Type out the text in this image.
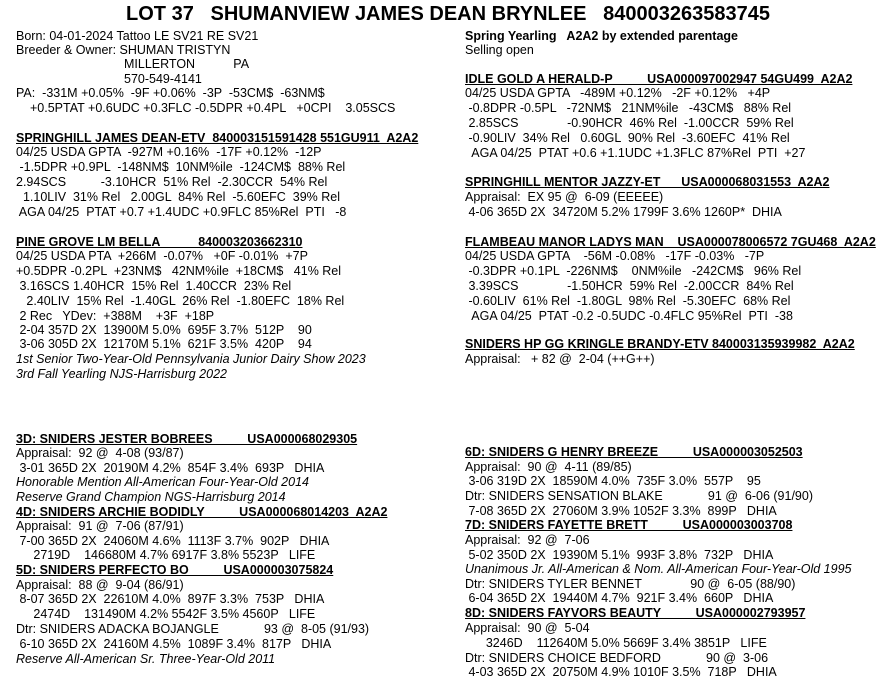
LOT 37   SHUMANVIEW JAMES DEAN BRYNLEE   840003263583745
Born: 04-01-2024 Tattoo LE SV21 RE SV21
Breeder & Owner: SHUMAN TRISTYN
MILLERTON           PA
570-549-4141
PA:  -331M +0.05%  -9F +0.06%  -3P  -53CM$  -63NM$
+0.5PTAT +0.6UDC +0.3FLC -0.5DPR +0.4PL   +0CPI    3.05SCS
SPRINGHILL JAMES DEAN-ETV  840003151591428 551GU911  A2A2
04/25 USDA GPTA  -927M +0.16%  -17F +0.12%  -12P
-1.5DPR +0.9PL  -148NM$  10NM%ile  -124CM$  88% Rel
2.94SCS          -3.10HCR  51% Rel  -2.30CCR  54% Rel
1.10LIV  31% Rel   2.00GL  84% Rel  -5.60EFC  39% Rel
AGA 04/25  PTAT +0.7 +1.4UDC +0.9FLC 85%Rel  PTI   -8
PINE GROVE LM BELLA           840003203662310
04/25 USDA PTA  +266M  -0.07%   +0F -0.01%  +7P
+0.5DPR -0.2PL  +23NM$   42NM%ile  +18CM$   41% Rel
3.16SCS 1.40HCR  15% Rel  1.40CCR  23% Rel
2.40LIV  15% Rel  -1.40GL  26% Rel  -1.80EFC  18% Rel
2 Rec   YDev:  +388M    +3F  +18P
2-04 357D 2X  13900M 5.0%  695F 3.7%  512P    90
3-06 305D 2X  12170M 5.1%  621F 3.5%  420P    94
1st Senior Two-Year-Old Pennsylvania Junior Dairy Show 2023
3rd Fall Yearling NJS-Harrisburg 2022
Spring Yearling   A2A2 by extended parentage
Selling open
IDLE GOLD A HERALD-P          USA000097002947 54GU499  A2A2
04/25 USDA GPTA   -489M +0.12%   -2F +0.12%   +4P
-0.8DPR -0.5PL   -72NM$   21NM%ile   -43CM$   88% Rel
2.85SCS              -0.90HCR  46% Rel  -1.00CCR  59% Rel
-0.90LIV  34% Rel   0.60GL  90% Rel  -3.60EFC  41% Rel
AGA 04/25  PTAT +0.6 +1.1UDC +1.3FLC 87%Rel  PTI  +27
SPRINGHILL MENTOR JAZZY-ET      USA000068031553  A2A2
Appraisal:  EX 95 @  6-09 (EEEEE)
4-06 365D 2X  34720M 5.2% 1799F 3.6% 1260P*  DHIA
FLAMBEAU MANOR LADYS MAN    USA000078006572 7GU468  A2A2
04/25 USDA GPTA    -56M -0.08%   -17F -0.03%   -7P
-0.3DPR +0.1PL  -226NM$    0NM%ile   -242CM$   96% Rel
3.39SCS              -1.50HCR  59% Rel  -2.00CCR  84% Rel
-0.60LIV  61% Rel  -1.80GL  98% Rel  -5.30EFC  68% Rel
AGA 04/25  PTAT -0.2 -0.5UDC -0.4FLC 95%Rel  PTI  -38
SNIDERS HP GG KRINGLE BRANDY-ETV 840003135939982  A2A2
Appraisal:   + 82 @  2-04 (++G++)
3D: SNIDERS JESTER BOBREES          USA000068029305
Appraisal:  92 @  4-08 (93/87)
3-01 365D 2X  20190M 4.2%  854F 3.4%  693P   DHIA
Honorable Mention All-American Four-Year-Old 2014
Reserve Grand Champion NGS-Harrisburg 2014
4D: SNIDERS ARCHIE BODIDLY          USA000068014203  A2A2
Appraisal:  91 @  7-06 (87/91)
7-00 365D 2X  24060M 4.6%  1113F 3.7%  902P   DHIA
2719D    146680M 4.7% 6917F 3.8% 5523P   LIFE
5D: SNIDERS PERFECTO BO          USA000003075824
Appraisal:  88 @  9-04 (86/91)
8-07 365D 2X  22610M 4.0%  897F 3.3%  753P   DHIA
2474D    131490M 4.2% 5542F 3.5% 4560P   LIFE
Dtr: SNIDERS ADACKA BOJANGLE             93 @  8-05 (91/93)
6-10 365D 2X  24160M 4.5%  1089F 3.4%  817P   DHIA
Reserve All-American Sr. Three-Year-Old 2011
6D: SNIDERS G HENRY BREEZE          USA000003052503
Appraisal:  90 @  4-11 (89/85)
3-06 319D 2X  18590M 4.0%  735F 3.0%  557P    95
Dtr: SNIDERS SENSATION BLAKE             91 @  6-06 (91/90)
7-08 365D 2X  27060M 3.9% 1052F 3.3%  899P   DHIA
7D: SNIDERS FAYETTE BRETT          USA000003003708
Appraisal:  92 @  7-06
5-02 350D 2X  19390M 5.1%  993F 3.8%  732P   DHIA
Unanimous Jr. All-American & Nom. All-American Four-Year-Old 1995
Dtr: SNIDERS TYLER BENNET              90 @  6-05 (88/90)
6-04 365D 2X  19440M 4.7%  921F 3.4%  660P   DHIA
8D: SNIDERS FAYVORS BEAUTY          USA000002793957
Appraisal:  90 @  5-04
3246D    112640M 5.0% 5669F 3.4% 3851P   LIFE
Dtr: SNIDERS CHOICE BEDFORD             90 @  3-06
4-03 365D 2X  20750M 4.9% 1010F 3.5%  718P   DHIA
